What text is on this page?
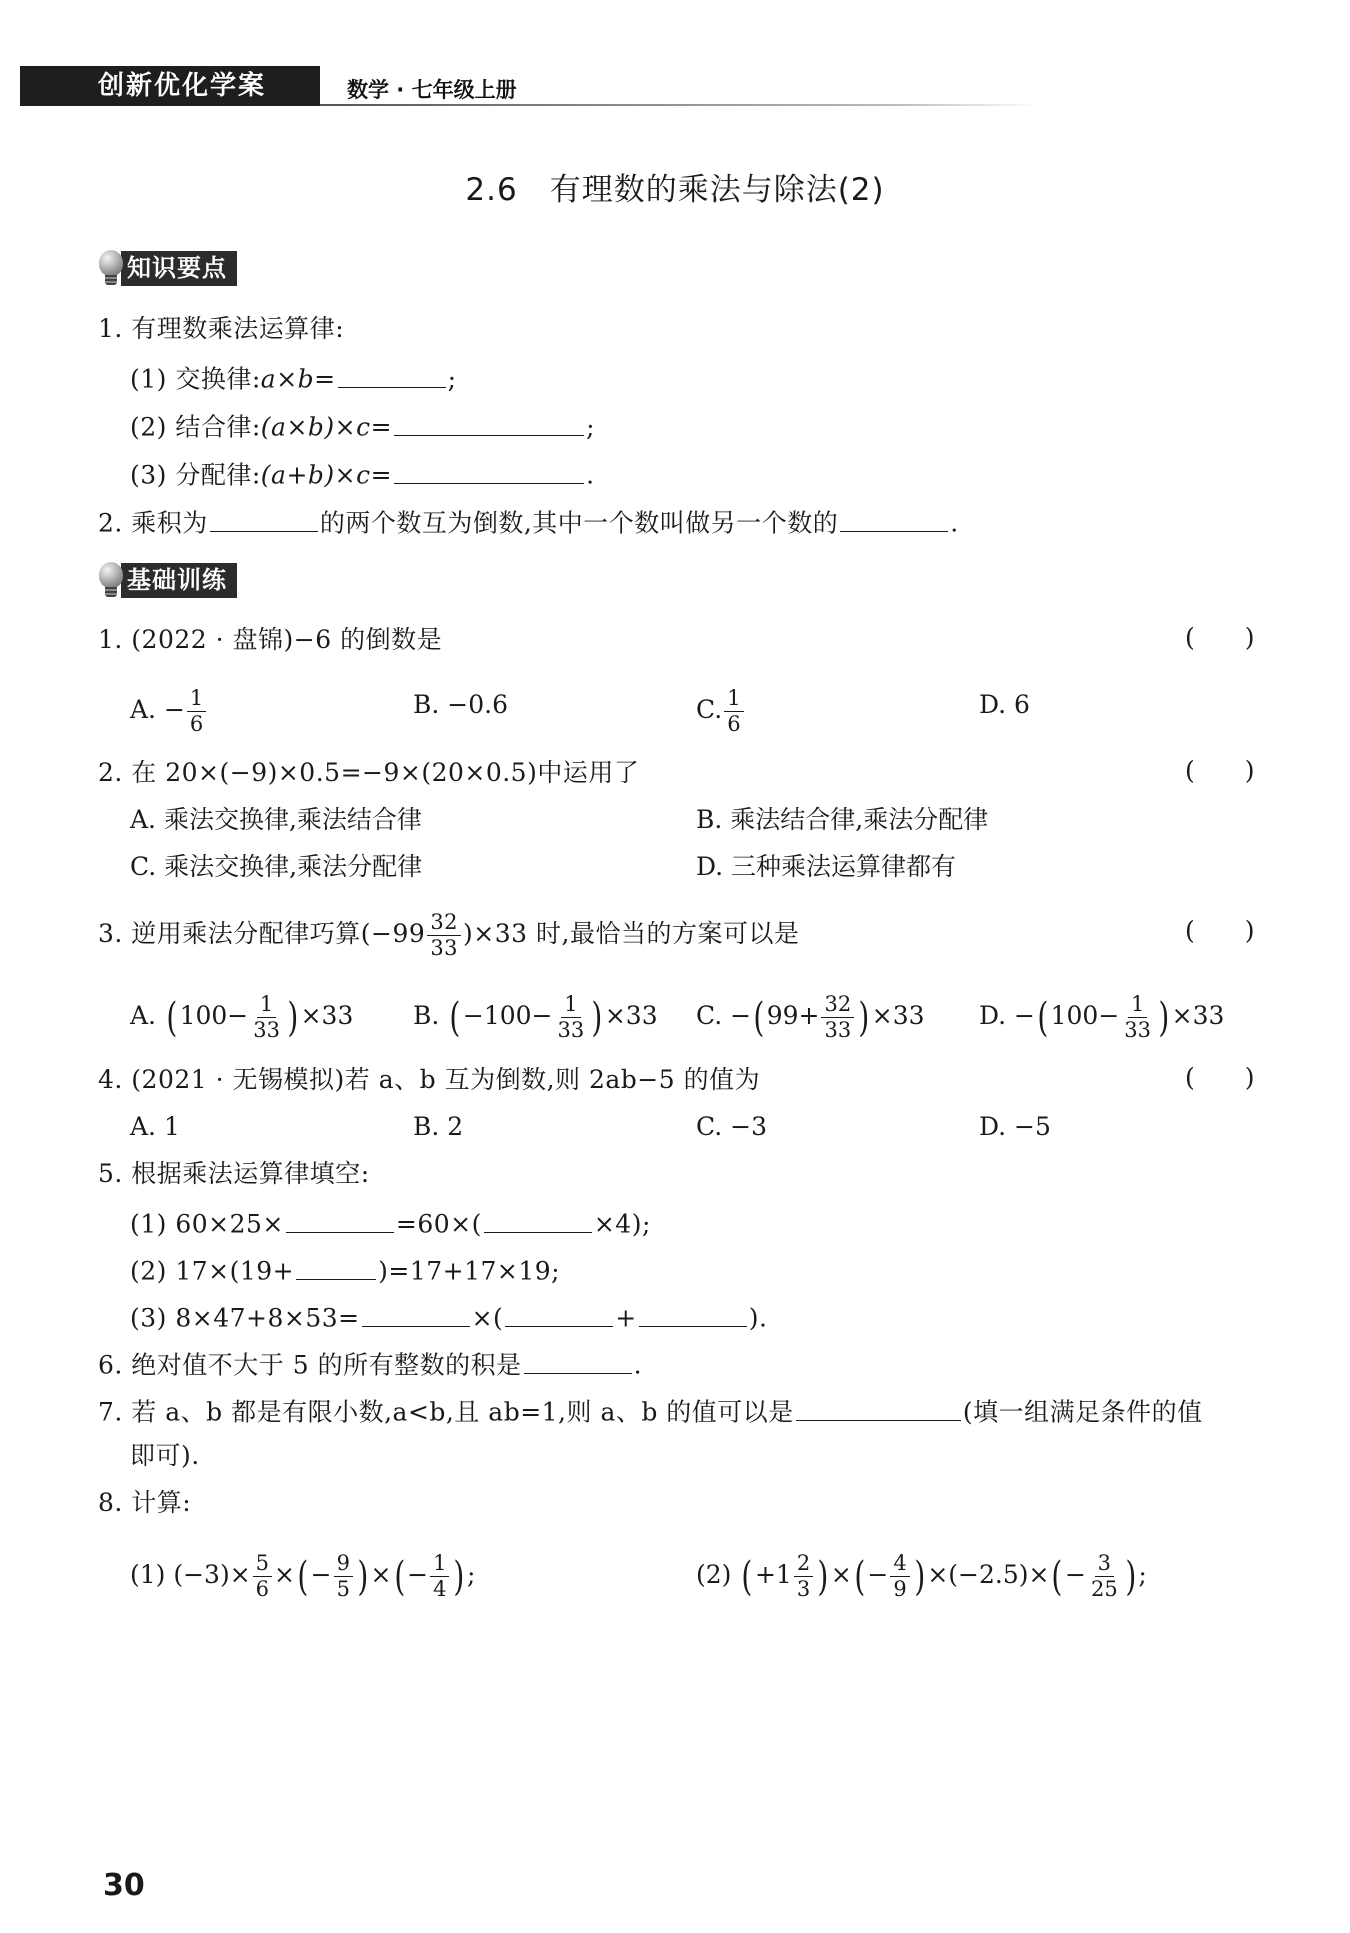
创新优化学案	数学 · 七年级上册
2.6　有理数的乘法与除法(2)
知识要点
1. 有理数乘法运算律:
(1) 交换律:a×b=	;
(2) 结合律:(a×b)×c=	;
(3) 分配律:(a+b)×c=	.
2. 乘积为	的两个数互为倒数,其中一个数叫做另一个数的	.
基础训练
1. (2022 · 盘锦)−6 的倒数是	()
A. − $\frac{1}{6}$	B. −0.6	C. $\frac{1}{6}$	D. 6
2. 在 20×(−9)×0.5=−9×(20×0.5)中运用了	()
A. 乘法交换律,乘法结合律	B. 乘法结合律,乘法分配律
C. 乘法交换律,乘法分配律	D. 三种乘法运算律都有
3. 逆用乘法分配律巧算$(-99 \frac{32}{33} )\times 33$ 时,最恰当的方案可以是	()
A. $(100- \frac{1}{33} )\times 33$ B. $(-100- \frac{1}{33} )\times 33$ C. $-(99+ \frac{32}{33} )\times 33$ D. $-(100- \frac{1}{33} )\times 33$
4. (2021 · 无锡模拟)若 a、b 互为倒数,则 2ab−5 的值为	()
A. 1	B. 2	C. −3	D. −5
5. 根据乘法运算律填空:
(1) 60×25×	=60×(	×4);
(2) 17×(19+	)=17+17×19;
(3) 8×47+8×53=	×(	+	).
6. 绝对值不大于 5 的所有整数的积是	.
7. 若 a、b 都是有限小数,a<b,且 ab=1,则 a、b 的值可以是	(填一组满足条件的值
即可).
8. 计算:
(1) $(-3)\times \frac{5}{6}$ ×(− $\frac{9}{5}$ )×(− $\frac{1}{4}$ );	(2) ($+1 \frac{2}{3}$ )×(− $\frac{4}{9} )\times(-2.5)\times(- \frac{3}{25}$ );
30
